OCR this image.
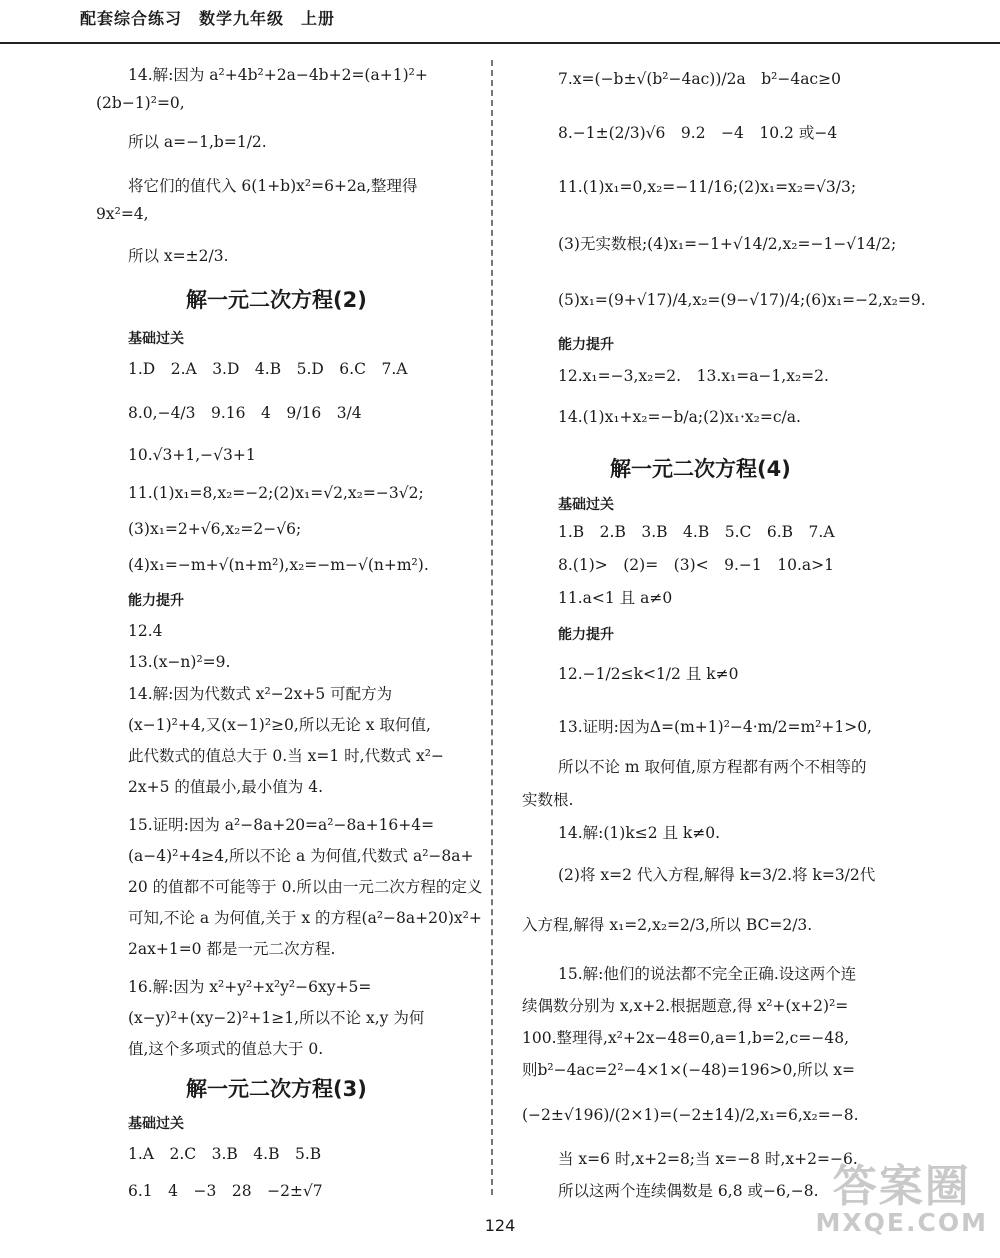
配套综合练习　数学九年级　上册
14.解:因为 a²+4b²+2a−4b+2=(a+1)²+
(2b−1)²=0,
所以 a=−1,b=1/2.
将它们的值代入 6(1+b)x²=6+2a,整理得
9x²=4,
所以 x=±2/3.
解一元二次方程(2)
基础过关
1.D　2.A　3.D　4.B　5.D　6.C　7.A
8.0,−4/3　9.16　4　9/16　3/4
10.√3+1,−√3+1
11.(1)x₁=8,x₂=−2;(2)x₁=√2,x₂=−3√2;
(3)x₁=2+√6,x₂=2−√6;
(4)x₁=−m+√(n+m²),x₂=−m−√(n+m²).
能力提升
12.4
13.(x−n)²=9.
14.解:因为代数式 x²−2x+5 可配方为
(x−1)²+4,又(x−1)²≥0,所以无论 x 取何值,
此代数式的值总大于 0.当 x=1 时,代数式 x²−
2x+5 的值最小,最小值为 4.
15.证明:因为 a²−8a+20=a²−8a+16+4=
(a−4)²+4≥4,所以不论 a 为何值,代数式 a²−8a+
20 的值都不可能等于 0.所以由一元二次方程的定义
可知,不论 a 为何值,关于 x 的方程(a²−8a+20)x²+
2ax+1=0 都是一元二次方程.
16.解:因为 x²+y²+x²y²−6xy+5=
(x−y)²+(xy−2)²+1≥1,所以不论 x,y 为何
值,这个多项式的值总大于 0.
解一元二次方程(3)
基础过关
1.A　2.C　3.B　4.B　5.B
6.1　4　−3　28　−2±√7
7.x=(−b±√(b²−4ac))/2a　b²−4ac≥0
8.−1±(2/3)√6　9.2　−4　10.2 或−4
11.(1)x₁=0,x₂=−11/16;(2)x₁=x₂=√3/3;
(3)无实数根;(4)x₁=−1+√14/2,x₂=−1−√14/2;
(5)x₁=(9+√17)/4,x₂=(9−√17)/4;(6)x₁=−2,x₂=9.
能力提升
12.x₁=−3,x₂=2.　13.x₁=a−1,x₂=2.
14.(1)x₁+x₂=−b/a;(2)x₁·x₂=c/a.
解一元二次方程(4)
基础过关
1.B　2.B　3.B　4.B　5.C　6.B　7.A
8.(1)>　(2)=　(3)<　9.−1　10.a>1
11.a<1 且 a≠0
能力提升
12.−1/2≤k<1/2 且 k≠0
13.证明:因为Δ=(m+1)²−4·m/2=m²+1>0,
所以不论 m 取何值,原方程都有两个不相等的
实数根.
14.解:(1)k≤2 且 k≠0.
(2)将 x=2 代入方程,解得 k=3/2.将 k=3/2代
入方程,解得 x₁=2,x₂=2/3,所以 BC=2/3.
15.解:他们的说法都不完全正确.设这两个连
续偶数分别为 x,x+2.根据题意,得 x²+(x+2)²=
100.整理得,x²+2x−48=0,a=1,b=2,c=−48,
则b²−4ac=2²−4×1×(−48)=196>0,所以 x=
(−2±√196)/(2×1)=(−2±14)/2,x₁=6,x₂=−8.
当 x=6 时,x+2=8;当 x=−8 时,x+2=−6.
所以这两个连续偶数是 6,8 或−6,−8.
124
答案圈
MXQE.COM
